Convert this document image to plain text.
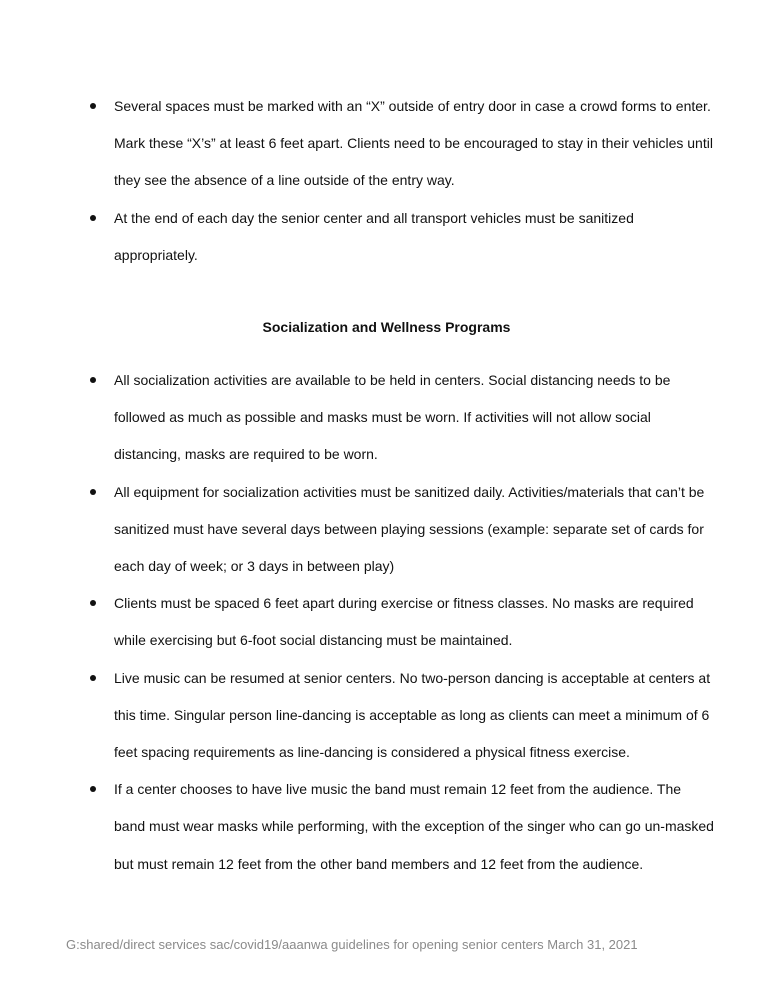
Several spaces must be marked with an “X” outside of entry door in case a crowd forms to enter. Mark these “X’s” at least 6 feet apart. Clients need to be encouraged to stay in their vehicles until they see the absence of a line outside of the entry way.
At the end of each day the senior center and all transport vehicles must be sanitized appropriately.
Socialization and Wellness Programs
All socialization activities are available to be held in centers. Social distancing needs to be followed as much as possible and masks must be worn. If activities will not allow social distancing, masks are required to be worn.
All equipment for socialization activities must be sanitized daily. Activities/materials that can’t be sanitized must have several days between playing sessions (example: separate set of cards for each day of week; or 3 days in between play)
Clients must be spaced 6 feet apart during exercise or fitness classes. No masks are required while exercising but 6-foot social distancing must be maintained.
Live music can be resumed at senior centers. No two-person dancing is acceptable at centers at this time. Singular person line-dancing is acceptable as long as clients can meet a minimum of 6 feet spacing requirements as line-dancing is considered a physical fitness exercise.
If a center chooses to have live music the band must remain 12 feet from the audience. The band must wear masks while performing, with the exception of the singer who can go un-masked but must remain 12 feet from the other band members and 12 feet from the audience.
G:shared/direct services sac/covid19/aaanwa guidelines for opening senior centers March 31, 2021
